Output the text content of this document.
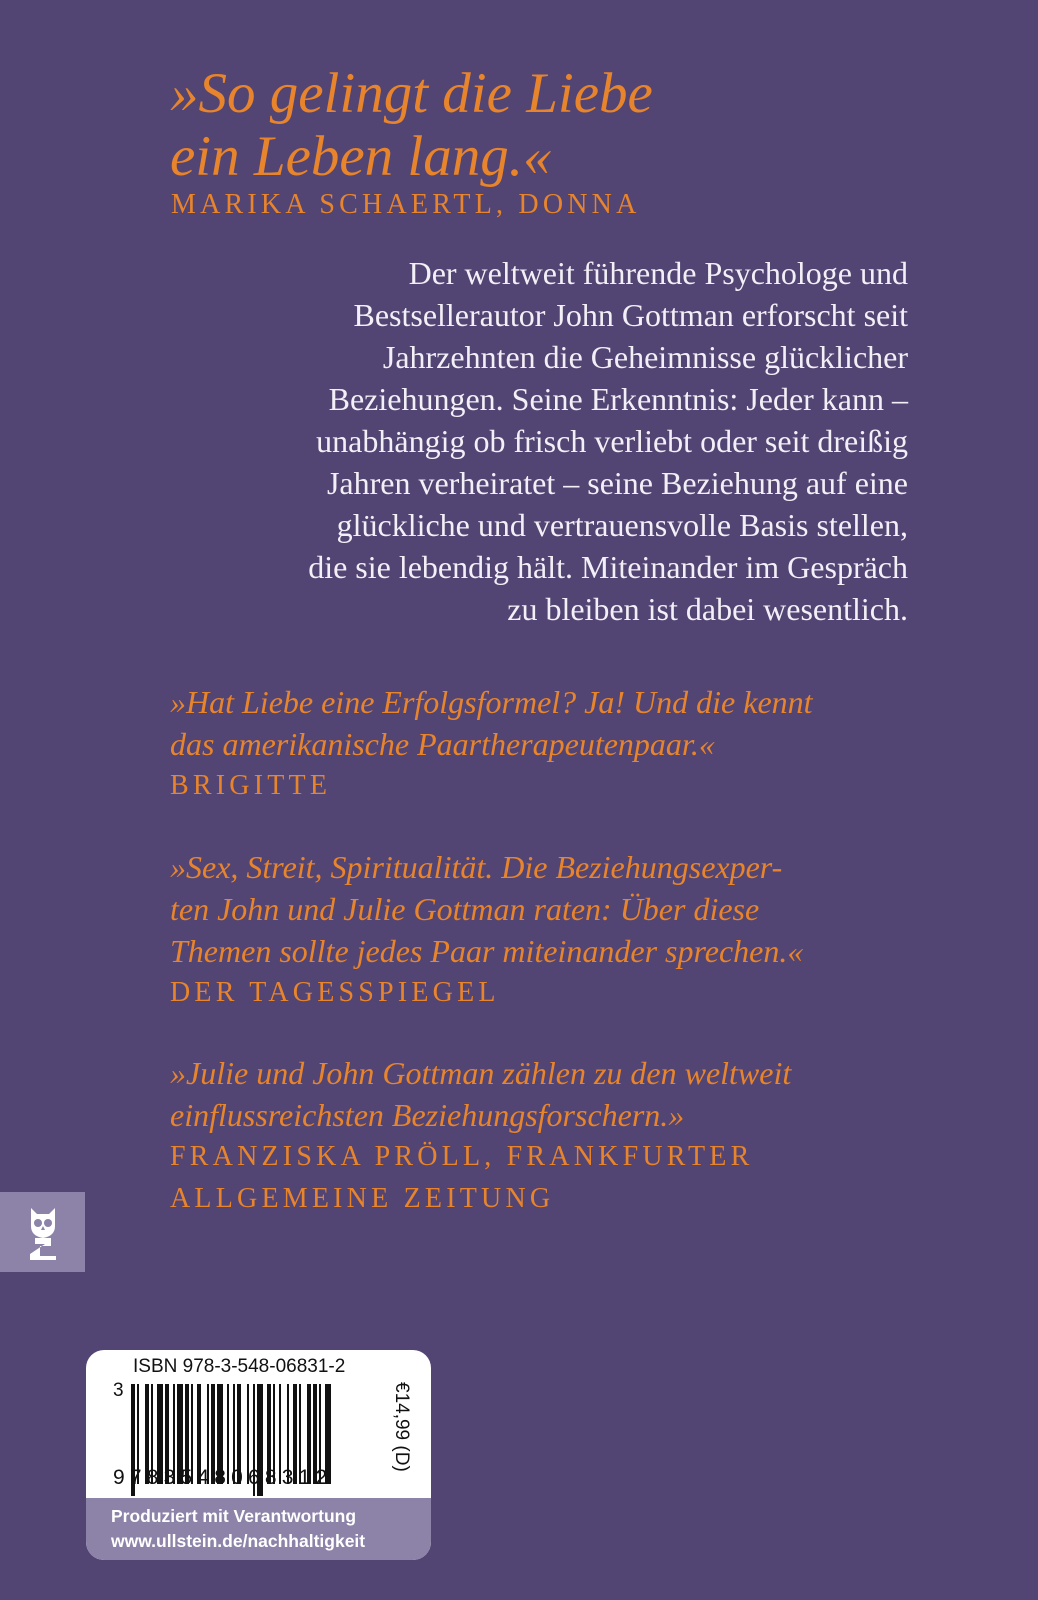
»So gelingt die Liebe
ein Leben lang.«
MARIKA SCHAERTL, DONNA
Der weltweit führende Psychologe und
Bestsellerautor John Gottman erforscht seit
Jahrzehnten die Geheimnisse glücklicher
Beziehungen. Seine Erkenntnis: Jeder kann –
unabhängig ob frisch verliebt oder seit dreißig
Jahren verheiratet – seine Beziehung auf eine
glückliche und vertrauensvolle Basis stellen,
die sie lebendig hält. Miteinander im Gespräch
zu bleiben ist dabei wesentlich.
»Hat Liebe eine Erfolgsformel? Ja! Und die kennt
das amerikanische Paartherapeutenpaar.«
BRIGITTE
»Sex, Streit, Spiritualität. Die Beziehungsexper-
ten John und Julie Gottman raten: Über diese
Themen sollte jedes Paar miteinander sprechen.«
DER TAGESSPIEGEL
»Julie und John Gottman zählen zu den weltweit
einflussreichsten Beziehungsforschern.»
FRANZISKA PRÖLL, FRANKFURTER
ALLGEMEINE ZEITUNG
ISBN 978-3-548-06831-2
3
9783548068312
€14,99 (D)
Produziert mit Verantwortung
www.ullstein.de/nachhaltigkeit
